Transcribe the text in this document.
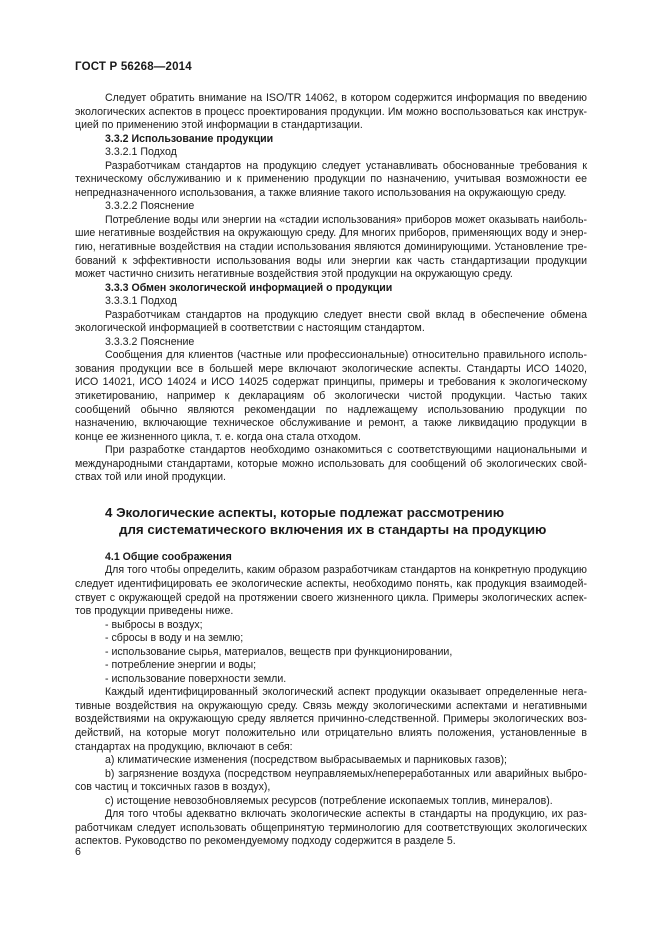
ГОСТ Р 56268—2014

Следует обратить внимание на ISO/TR 14062, в котором содержится информация по введению экологических аспектов в процесс проектирования продукции. Им можно воспользоваться как инструкцией по применению этой информации в стандартизации.

3.3.2 Использование продукции
3.3.2.1 Подход

Разработчикам стандартов на продукцию следует устанавливать обоснованные требования к техническому обслуживанию и к применению продукции по назначению, учитывая возможности ее непредназначенного использования, а также влияние такого использования на окружающую среду.

3.3.2.2 Пояснение

Потребление воды или энергии на «стадии использования» приборов может оказывать наибольшие негативные воздействия на окружающую среду. Для многих приборов, применяющих воду и энергию, негативные воздействия на стадии использования являются доминирующими. Установление требований к эффективности использования воды или энергии как часть стандартизации продукции может частично снизить негативные воздействия этой продукции на окружающую среду.

3.3.3 Обмен экологической информацией о продукции
3.3.3.1 Подход

Разработчикам стандартов на продукцию следует внести свой вклад в обеспечение обмена экологической информацией в соответствии с настоящим стандартом.

3.3.3.2 Пояснение

Сообщения для клиентов (частные или профессиональные) относительно правильного использования продукции все в большей мере включают экологические аспекты. Стандарты ИСО 14020, ИСО 14021, ИСО 14024 и ИСО 14025 содержат принципы, примеры и требования к экологическому этикетированию, например к декларациям об экологически чистой продукции. Частью таких сообщений обычно являются рекомендации по надлежащему использованию продукции по назначению, включающие техническое обслуживание и ремонт, а также ликвидацию продукции в конце ее жизненного цикла, т. е. когда она стала отходом.

При разработке стандартов необходимо ознакомиться с соответствующими национальными и международными стандартами, которые можно использовать для сообщений об экологических свойствах той или иной продукции.

4 Экологические аспекты, которые подлежат рассмотрению
для систематического включения их в стандарты на продукцию
4.1 Общие соображения

Для того чтобы определить, каким образом разработчикам стандартов на конкретную продукцию следует идентифицировать ее экологические аспекты, необходимо понять, как продукция взаимодействует с окружающей средой на протяжении своего жизненного цикла. Примеры экологических аспектов продукции приведены ниже.

- выбросы в воздух;
- сбросы в воду и на землю;
- использование сырья, материалов, веществ при функционировании,
- потребление энергии и воды;
- использование поверхности земли.

Каждый идентифицированный экологический аспект продукции оказывает определенные негативные воздействия на окружающую среду. Связь между экологическими аспектами и негативными воздействиями на окружающую среду является причинно-следственной. Примеры экологических воздействий, на которые могут положительно или отрицательно влиять положения, установленные в стандартах на продукцию, включают в себя:

a) климатические изменения (посредством выбрасываемых и парниковых газов);

b) загрязнение воздуха (посредством неуправляемых/непереработанных или аварийных выбросов частиц и токсичных газов в воздух),

c) истощение невозобновляемых ресурсов (потребление ископаемых топлив, минералов).

Для того чтобы адекватно включать экологические аспекты в стандарты на продукцию, их разработчикам следует использовать общепринятую терминологию для соответствующих экологических аспектов. Руководство по рекомендуемому подходу содержится в разделе 5.

6
